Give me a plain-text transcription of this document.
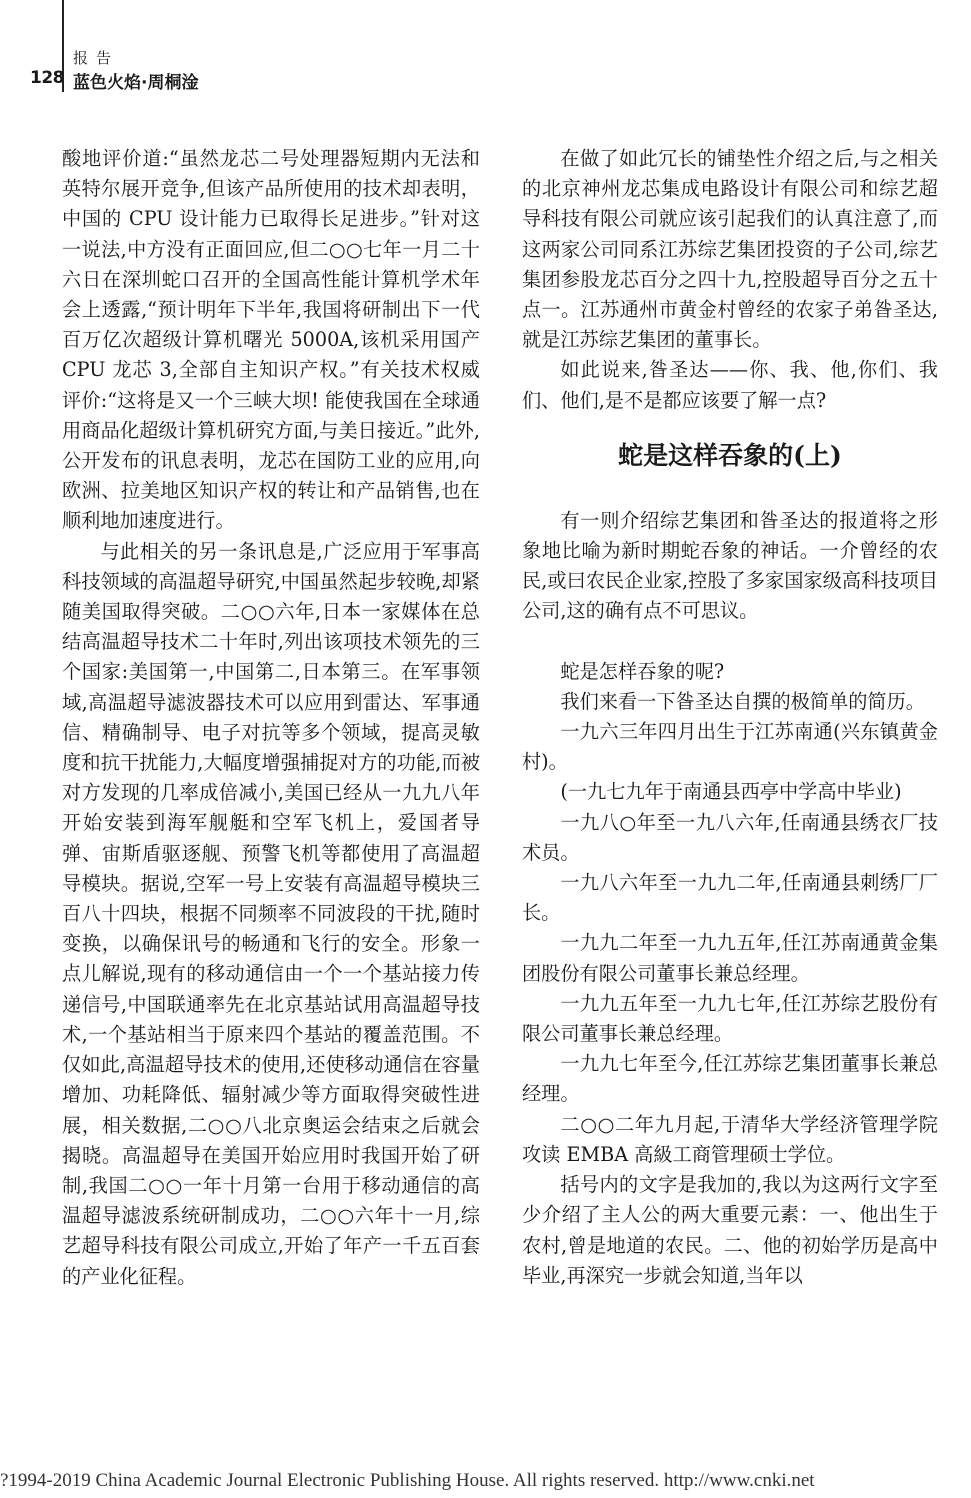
128
报告
蓝色火焰·周桐淦

酸地评价道:“虽然龙芯二号处理器短期内无法和英特尔展开竞争,但该产品所使用的技术却表明，中国的 CPU 设计能力已取得长足进步。”针对这一说法,中方没有正面回应,但二○○七年一月二十六日在深圳蛇口召开的全国高性能计算机学术年会上透露,“预计明年下半年,我国将研制出下一代百万亿次超级计算机曙光 5000A,该机采用国产 CPU 龙芯 3,全部自主知识产权。”有关技术权威评价:“这将是又一个三峡大坝! 能使我国在全球通用商品化超级计算机研究方面,与美日接近。”此外,公开发布的讯息表明，龙芯在国防工业的应用,向欧洲、拉美地区知识产权的转让和产品销售,也在顺利地加速度进行。

与此相关的另一条讯息是,广泛应用于军事高科技领域的高温超导研究,中国虽然起步较晚,却紧随美国取得突破。二○○六年,日本一家媒体在总结高温超导技术二十年时,列出该项技术领先的三个国家:美国第一,中国第二,日本第三。在军事领域,高温超导滤波器技术可以应用到雷达、军事通信、精确制导、电子对抗等多个领域，提高灵敏度和抗干扰能力,大幅度增强捕捉对方的功能,而被对方发现的几率成倍减小,美国已经从一九九八年开始安装到海军舰艇和空军飞机上，爱国者导弹、宙斯盾驱逐舰、预警飞机等都使用了高温超导模块。据说,空军一号上安装有高温超导模块三百八十四块，根据不同频率不同波段的干扰,随时变换，以确保讯号的畅通和飞行的安全。形象一点儿解说,现有的移动通信由一个一个基站接力传递信号,中国联通率先在北京基站试用高温超导技术,一个基站相当于原来四个基站的覆盖范围。不仅如此,高温超导技术的使用,还使移动通信在容量增加、功耗降低、辐射减少等方面取得突破性进展，相关数据,二○○八北京奥运会结束之后就会揭晓。高温超导在美国开始应用时我国开始了研制,我国二○○一年十月第一台用于移动通信的高温超导滤波系统研制成功，二○○六年十一月,综艺超导科技有限公司成立,开始了年产一千五百套的产业化征程。

在做了如此冗长的铺垫性介绍之后,与之相关的北京神州龙芯集成电路设计有限公司和综艺超导科技有限公司就应该引起我们的认真注意了,而这两家公司同系江苏综艺集团投资的子公司,综艺集团参股龙芯百分之四十九,控股超导百分之五十点一。江苏通州市黄金村曾经的农家子弟昝圣达,就是江苏综艺集团的董事长。

如此说来,昝圣达——你、我、他,你们、我们、他们,是不是都应该要了解一点?

蛇是这样吞象的(上)

有一则介绍综艺集团和昝圣达的报道将之形象地比喻为新时期蛇吞象的神话。一介曾经的农民,或曰农民企业家,控股了多家国家级高科技项目公司,这的确有点不可思议。

蛇是怎样吞象的呢?

我们来看一下昝圣达自撰的极简单的简历。

一九六三年四月出生于江苏南通(兴东镇黄金村)。

(一九七九年于南通县西亭中学高中毕业)

一九八○年至一九八六年,任南通县绣衣厂技术员。

一九八六年至一九九二年,任南通县刺绣厂厂长。

一九九二年至一九九五年,任江苏南通黄金集团股份有限公司董事长兼总经理。

一九九五年至一九九七年,任江苏综艺股份有限公司董事长兼总经理。

一九九七年至今,任江苏综艺集团董事长兼总经理。

二○○二年九月起,于清华大学经济管理学院攻读 EMBA 高級工商管理硕士学位。

括号内的文字是我加的,我以为这两行文字至少介绍了主人公的两大重要元素：一、他出生于农村,曾是地道的农民。二、他的初始学历是高中毕业,再深究一步就会知道,当年以

?1994-2019 China Academic Journal Electronic Publishing House. All rights reserved. http://www.cnki.net
